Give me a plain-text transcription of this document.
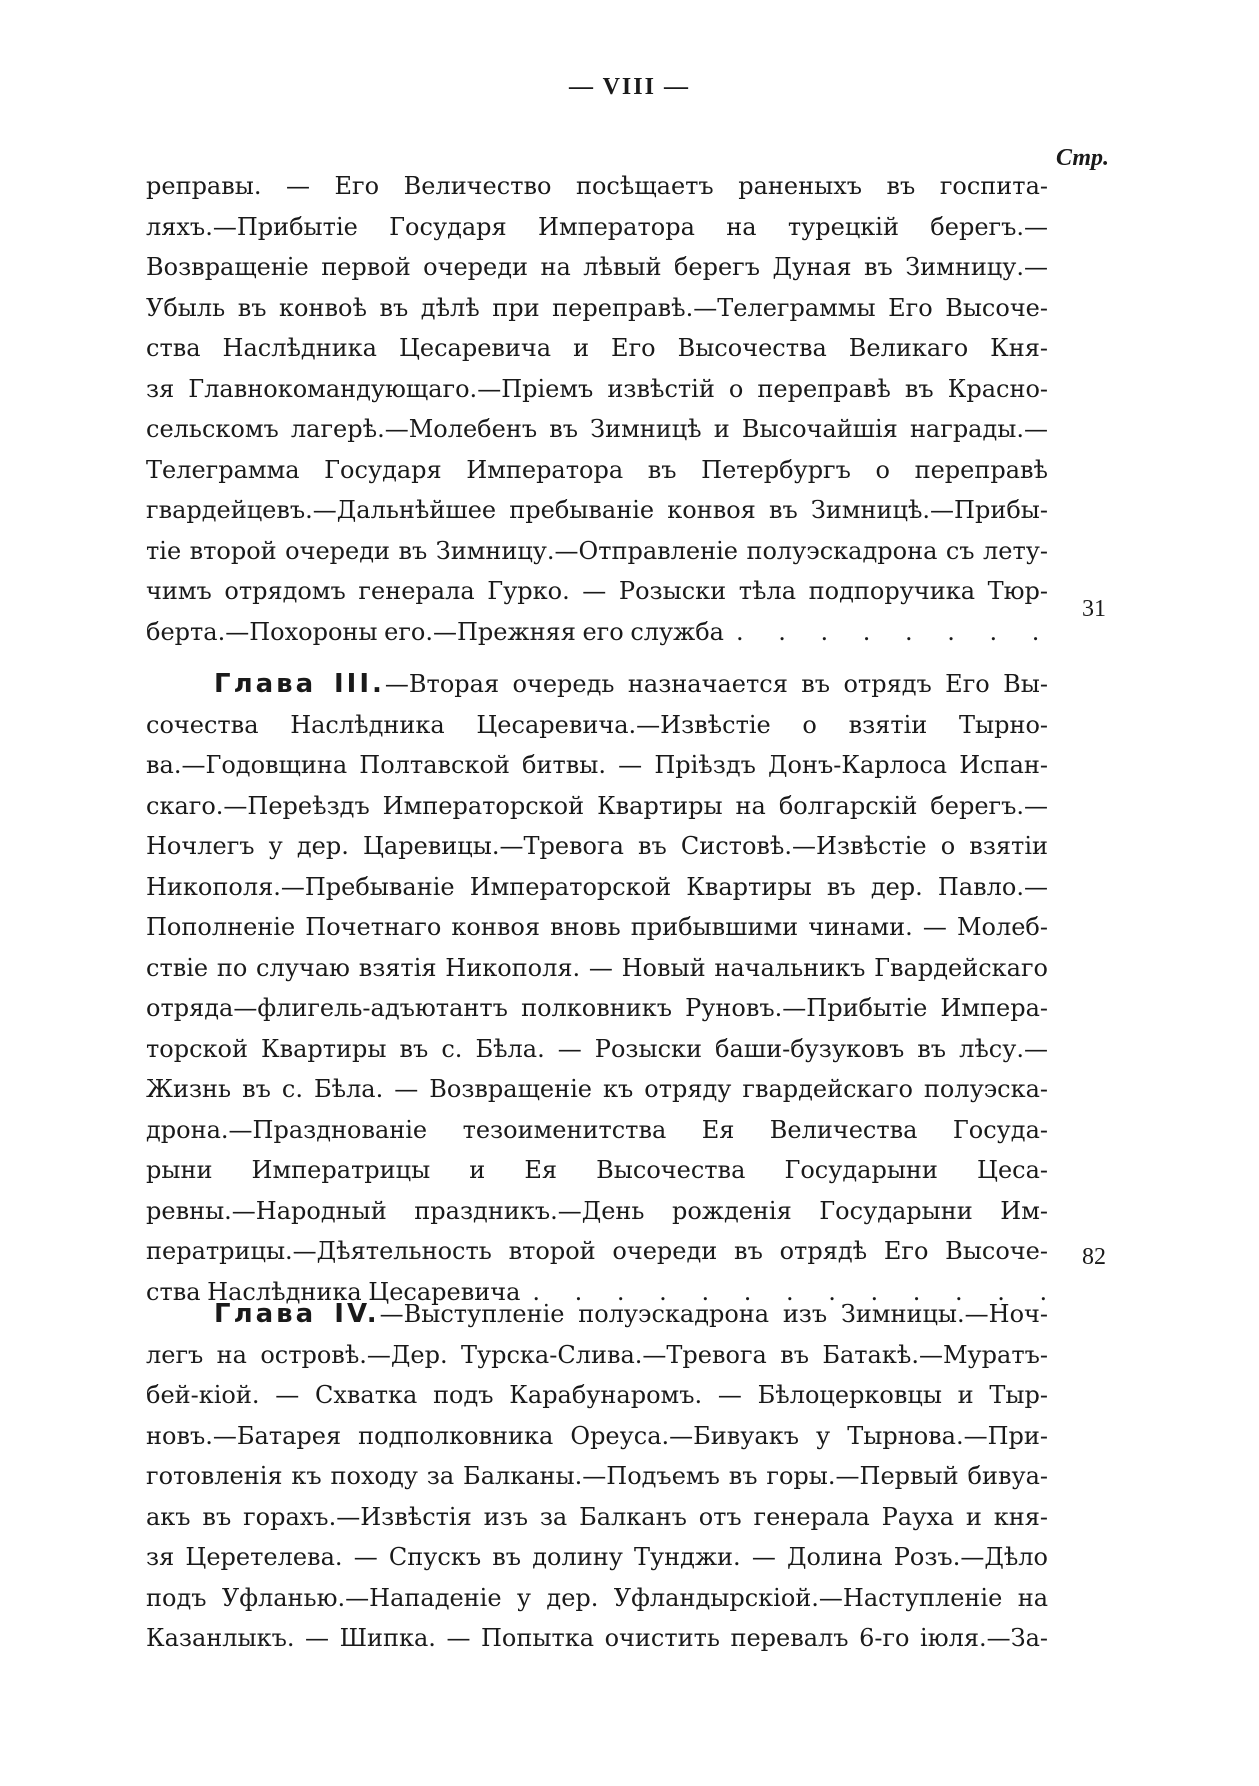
— VIII —
Стр.
реправы. — Его Величество посѣщаетъ раненыхъ въ госпита-
ляхъ.—Прибытіе Государя Императора на турецкій берегъ.—
Возвращеніе первой очереди на лѣвый берегъ Дуная въ Зимницу.—
Убыль въ конвоѣ въ дѣлѣ при переправѣ.—Телеграммы Его Высоче-
ства Наслѣдника Цесаревича и Его Высочества Великаго Кня-
зя Главнокомандующаго.—Пріемъ извѣстій о переправѣ въ Красно-
сельскомъ лагерѣ.—Молебенъ въ Зимницѣ и Высочайшія награды.—
Телеграмма Государя Императора въ Петербургъ о переправѣ
гвардейцевъ.—Дальнѣйшее пребываніе конвоя въ Зимницѣ.—Прибы-
тіе второй очереди въ Зимницу.—Отправленіе полуэскадрона съ лету-
чимъ отрядомъ генерала Гурко. — Розыски тѣла подпоручика Тюр-
берта.—Похороны его.—Прежняя его служба
. . .
31
Глава III.—Вторая очередь назначается въ отрядъ Его Вы-
сочества Наслѣдника Цесаревича.—Извѣстіе о взятіи Тырно-
ва.—Годовщина Полтавской битвы. — Пріѣздъ Донъ-Карлоса Испан-
скаго.—Переѣздъ Императорской Квартиры на болгарскій берегъ.—
Ночлегъ у дер. Царевицы.—Тревога въ Систовѣ.—Извѣстіе о взятіи
Никополя.—Пребываніе Императорской Квартиры въ дер. Павло.—
Пополненіе Почетнаго конвоя вновь прибывшими чинами. — Молеб-
ствіе по случаю взятія Никополя. — Новый начальникъ Гвардейскаго
отряда—флигель-адъютантъ полковникъ Руновъ.—Прибытіе Импера-
торской Квартиры въ с. Бѣла. — Розыски баши-бузуковъ въ лѣсу.—
Жизнь въ с. Бѣла. — Возвращеніе къ отряду гвардейскаго полуэска-
дрона.—Празднованіе тезоименитства Ея Величества Госуда-
рыни Императрицы и Ея Высочества Государыни Цеса-
ревны.—Народный праздникъ.—День рожденія Государыни Им-
ператрицы.—Дѣятельность второй очереди въ отрядѣ Его Высоче-
ства Наслѣдника Цесаревича
. . .
82
Глава IV.—Выступленіе полуэскадрона изъ Зимницы.—Ноч-
легъ на островѣ.—Дер. Турска-Слива.—Тревога въ Батакѣ.—Муратъ-
бей-кіой. — Схватка подъ Карабунаромъ. — Бѣлоцерковцы и Тыр-
новъ.—Батарея подполковника Ореуса.—Бивуакъ у Тырнова.—При-
готовленія къ походу за Балканы.—Подъемъ въ горы.—Первый бивуа-
акъ въ горахъ.—Извѣстія изъ за Балканъ отъ генерала Рауха и кня-
зя Церетелева. — Спускъ въ долину Тунджи. — Долина Розъ.—Дѣло
подъ Уфланью.—Нападеніе у дер. Уфландырскіой.—Наступленіе на
Казанлыкъ. — Шипка. — Попытка очистить перевалъ 6-го іюля.—За-
